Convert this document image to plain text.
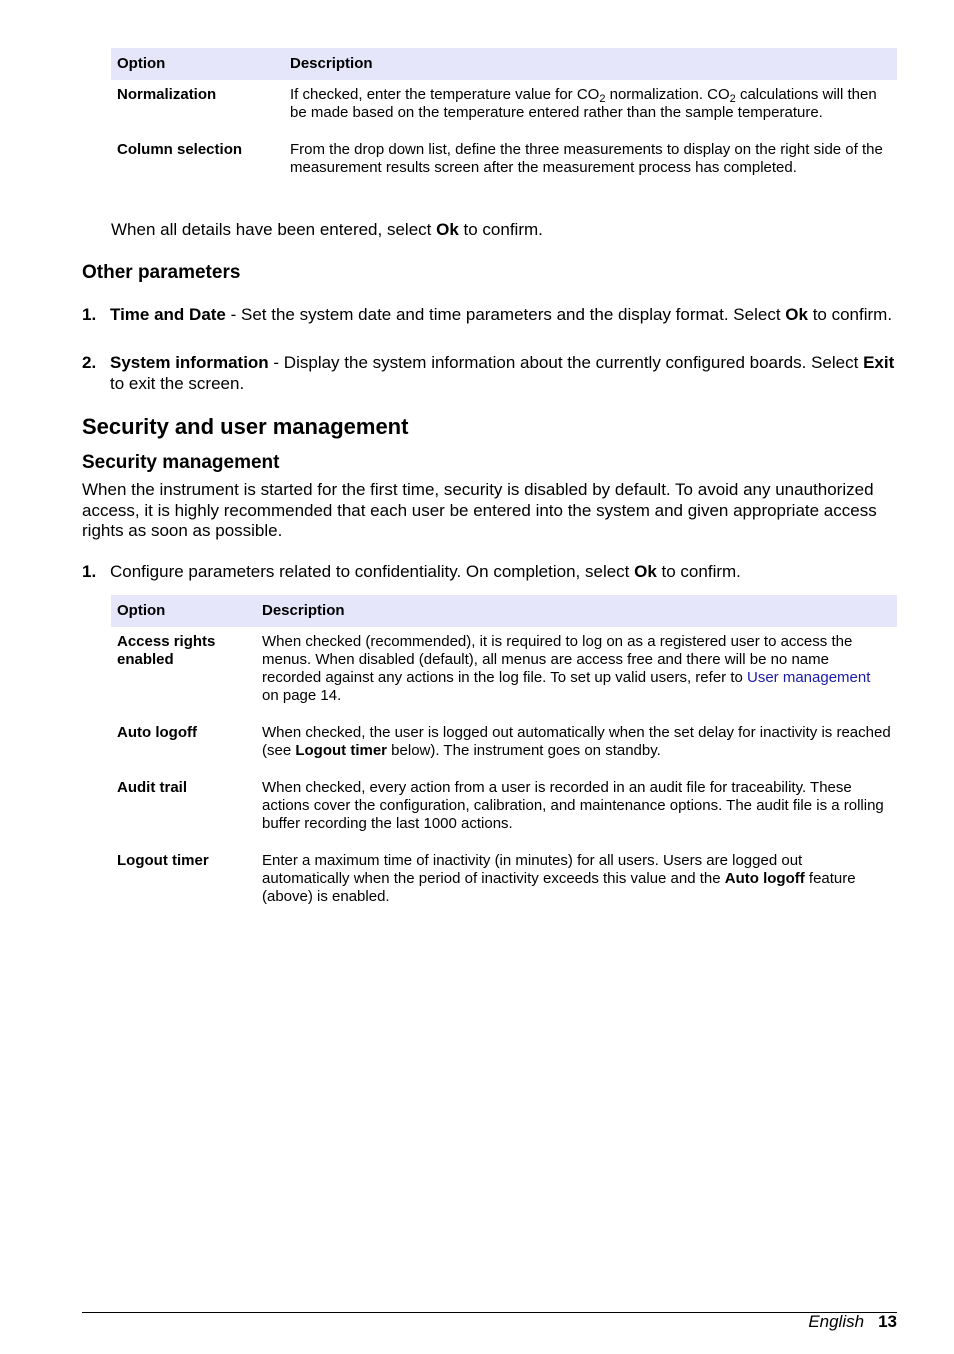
Option	Description
Normalization	If checked, enter the temperature value for $CO_2$ normalization. $CO_2$ calculations will then be made based on the temperature entered rather than the sample temperature.
Column selection	From the drop down list, define the three measurements to display on the right side of the measurement results screen after the measurement process has completed.
When all details have been entered, select Ok to confirm.
Other parameters
1. Time and Date - Set the system date and time parameters and the display format. Select Ok to confirm.
2. System information - Display the system information about the currently configured boards. Select Exit to exit the screen.
Security and user management
Security management
When the instrument is started for the first time, security is disabled by default. To avoid any unauthorized access, it is highly recommended that each user be entered into the system and given appropriate access rights as soon as possible.
1. Configure parameters related to confidentiality. On completion, select Ok to confirm.
Option	Description
Access rights enabled	When checked (recommended), it is required to log on as a registered user to access the menus. When disabled (default), all menus are access free and there will be no name recorded against any actions in the log file. To set up valid users, refer to User management on page 14.
Auto logoff	When checked, the user is logged out automatically when the set delay for inactivity is reached (see Logout timer below). The instrument goes on standby.
Audit trail	When checked, every action from a user is recorded in an audit file for traceability. These actions cover the configuration, calibration, and maintenance options. The audit file is a rolling buffer recording the last 1000 actions.
Logout timer	Enter a maximum time of inactivity (in minutes) for all users. Users are logged out automatically when the period of inactivity exceeds this value and the Auto logoff feature (above) is enabled.
English 13
